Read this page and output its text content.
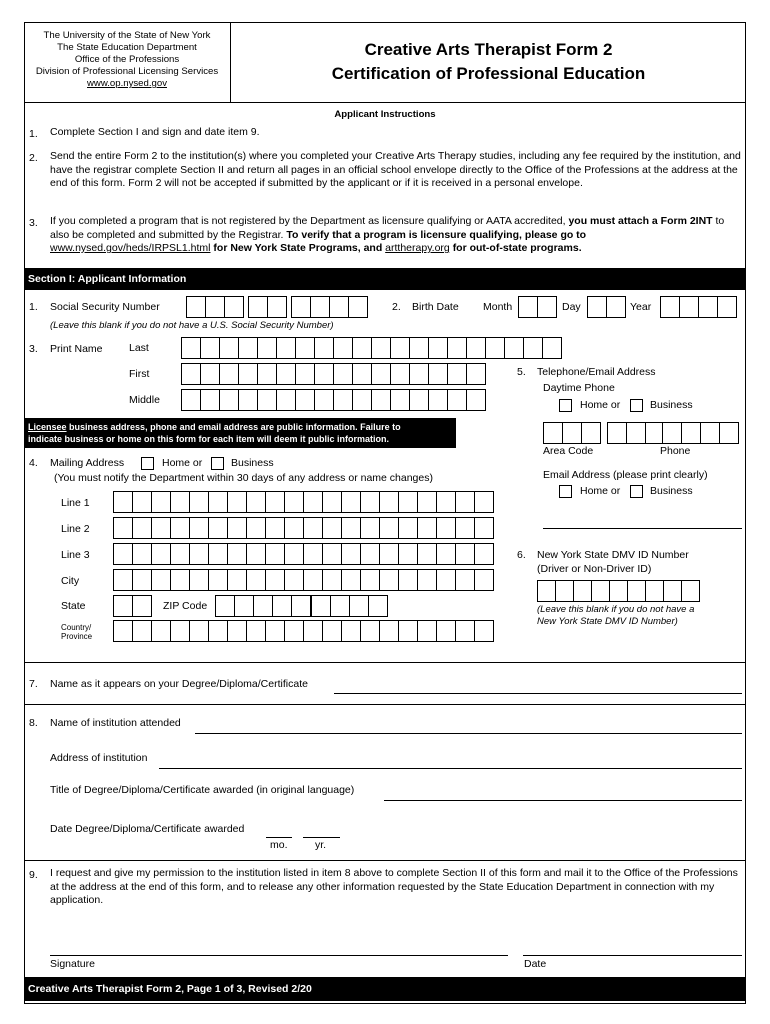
The University of the State of New York
The State Education Department
Office of the Professions
Division of Professional Licensing Services
www.op.nysed.gov
Creative Arts Therapist Form 2
Certification of Professional Education
Applicant Instructions
1. Complete Section I and sign and date item 9.
2. Send the entire Form 2 to the institution(s) where you completed your Creative Arts Therapy studies, including any fee required by the institution, and have the registrar complete Section II and return all pages in an official school envelope directly to the Office of the Professions at the address at the end of this form. Form 2 will not be accepted if submitted by the applicant or if it is received in a personal envelope.
3. If you completed a program that is not registered by the Department as licensure qualifying or AATA accredited, you must attach a Form 2INT to also be completed and submitted by the Registrar. To verify that a program is licensure qualifying, please go to
www.nysed.gov/heds/IRPSL1.html for New York State Programs, and arttherapy.org for out-of-state programs.
Section I: Applicant Information
1. Social Security Number
(Leave this blank if you do not have a U.S. Social Security Number)
2. Birth Date Month	Day	Year
3. Print Name	Last
First
Middle
Licensee business address, phone and email address are public information. Failure to
indicate business or home on this form for each item will deem it public information.
4. Mailing Address	Home or	Business
(You must notify the Department within 30 days of any address or name changes)
Line 1
Line 2
Line 3
City
State
Country/
Province
ZIP Code
5. Telephone/Email Address
Daytime Phone
Home or	Business
Area Code	Phone
Email Address (please print clearly)
Home or	Business
6. New York State DMV ID Number
(Driver or Non-Driver ID)
(Leave this blank if you do not have a
New York State DMV ID Number)
7. Name as it appears on your Degree/Diploma/Certificate
8. Name of institution attended
Address of institution
Title of Degree/Diploma/Certificate awarded (in original language)
Date Degree/Diploma/Certificate awarded
mo.	yr.
9. I request and give my permission to the institution listed in item 8 above to complete Section II of this form and mail it to the Office of the Professions at the address at the end of this form, and to release any other information requested by the State Education Department in connection with my application.
Signature	Date
Creative Arts Therapist Form 2, Page 1 of 3, Revised 2/20
